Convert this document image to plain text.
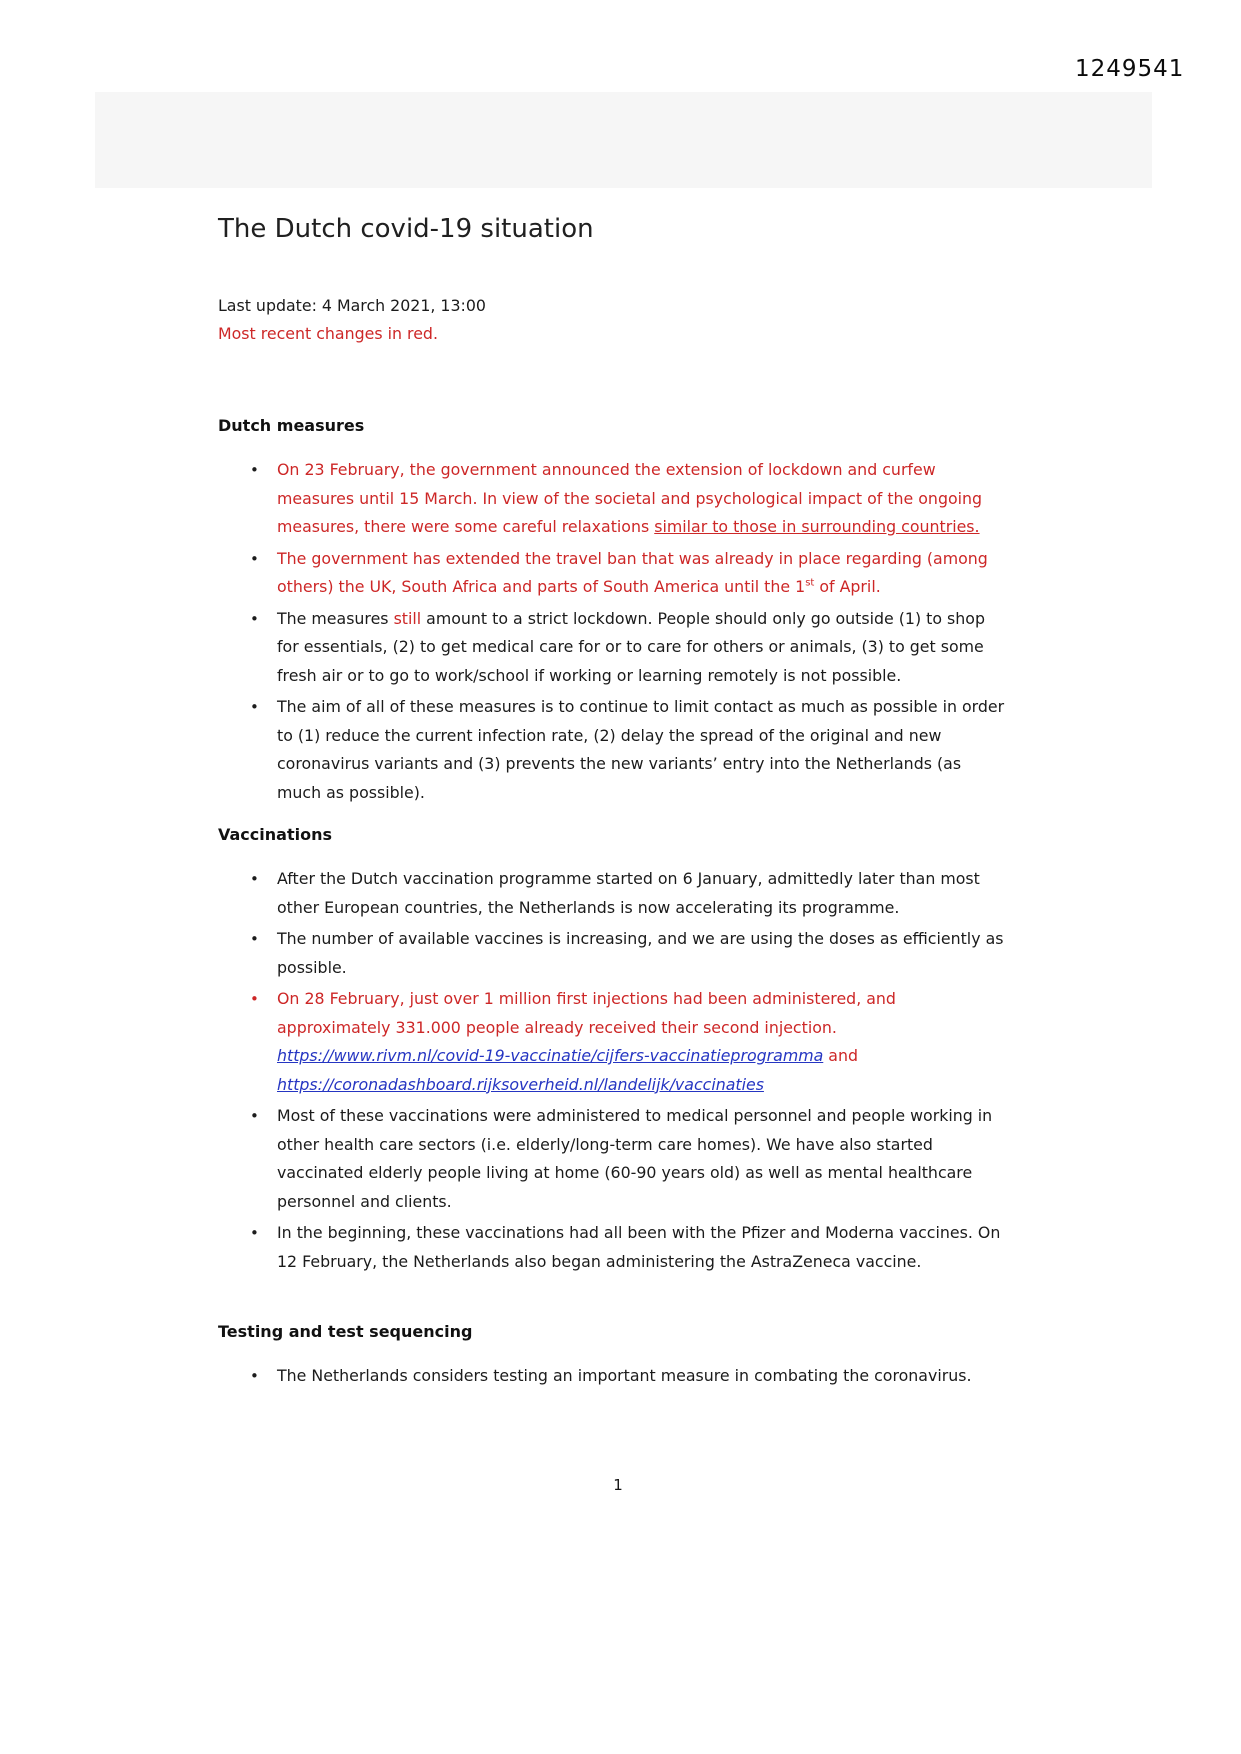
1249541
The Dutch covid-19 situation
Last update: 4 March 2021, 13:00
Most recent changes in red.
Dutch measures
• On 23 February, the government announced the extension of lockdown and curfew measures until 15 March. In view of the societal and psychological impact of the ongoing measures, there were some careful relaxations similar to those in surrounding countries.
• The government has extended the travel ban that was already in place regarding (among others) the UK, South Africa and parts of South America until the 1st of April.
• The measures still amount to a strict lockdown. People should only go outside (1) to shop for essentials, (2) to get medical care for or to care for others or animals, (3) to get some fresh air or to go to work/school if working or learning remotely is not possible.
• The aim of all of these measures is to continue to limit contact as much as possible in order to (1) reduce the current infection rate, (2) delay the spread of the original and new coronavirus variants and (3) prevents the new variants’ entry into the Netherlands (as much as possible).
Vaccinations
• After the Dutch vaccination programme started on 6 January, admittedly later than most other European countries, the Netherlands is now accelerating its programme.
• The number of available vaccines is increasing, and we are using the doses as efficiently as possible.
• On 28 February, just over 1 million first injections had been administered, and approximately 331.000 people already received their second injection. https://www.rivm.nl/covid-19-vaccinatie/cijfers-vaccinatieprogramma and https://coronadashboard.rijksoverheid.nl/landelijk/vaccinaties
• Most of these vaccinations were administered to medical personnel and people working in other health care sectors (i.e. elderly/long-term care homes). We have also started vaccinated elderly people living at home (60-90 years old) as well as mental healthcare personnel and clients.
• In the beginning, these vaccinations had all been with the Pfizer and Moderna vaccines. On 12 February, the Netherlands also began administering the AstraZeneca vaccine.
Testing and test sequencing
• The Netherlands considers testing an important measure in combating the coronavirus.
1
